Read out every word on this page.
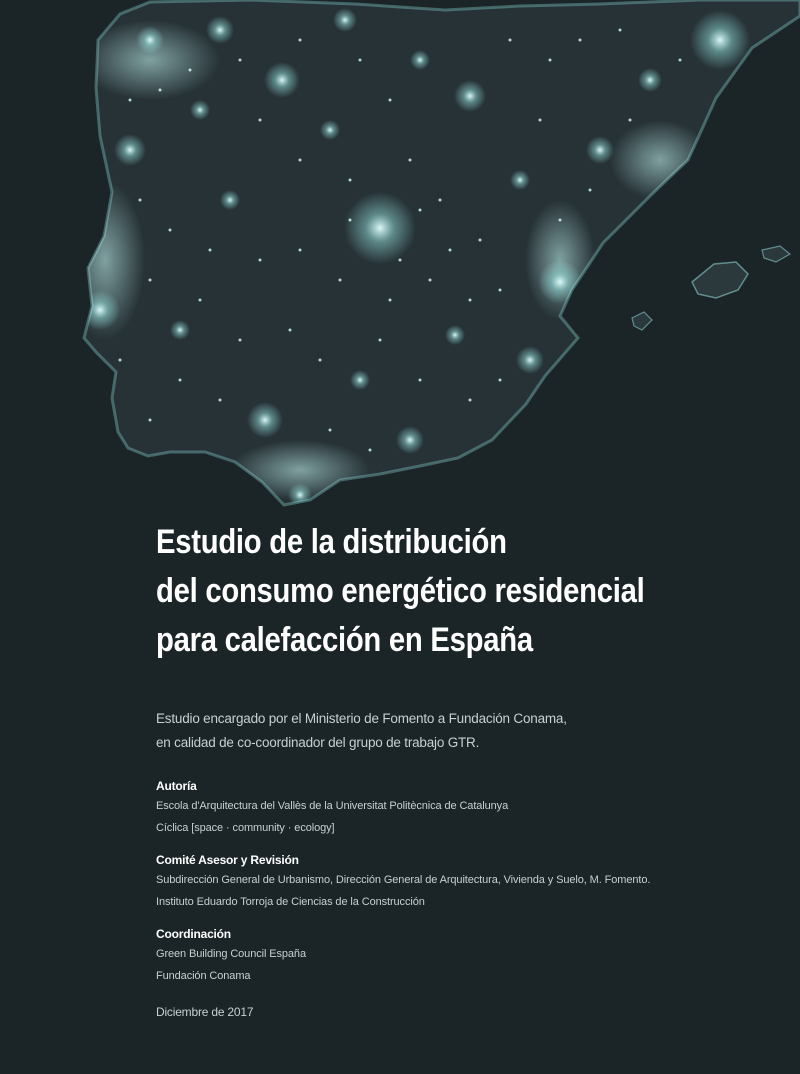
Estudio de la distribución
del consumo energético residencial
para calefacción en España
Estudio encargado por el Ministerio de Fomento a Fundación Conama,
en calidad de co-coordinador del grupo de trabajo GTR.
Autoría
Escola d'Arquitectura del Vallès de la Universitat Politècnica de Catalunya
Cíclica [space · community · ecology]
Comité Asesor y Revisión
Subdirección General de Urbanismo, Dirección General de Arquitectura, Vivienda y Suelo, M. Fomento.
Instituto Eduardo Torroja de Ciencias de la Construcción
Coordinación
Green Building Council España
Fundación Conama
Diciembre de 2017
